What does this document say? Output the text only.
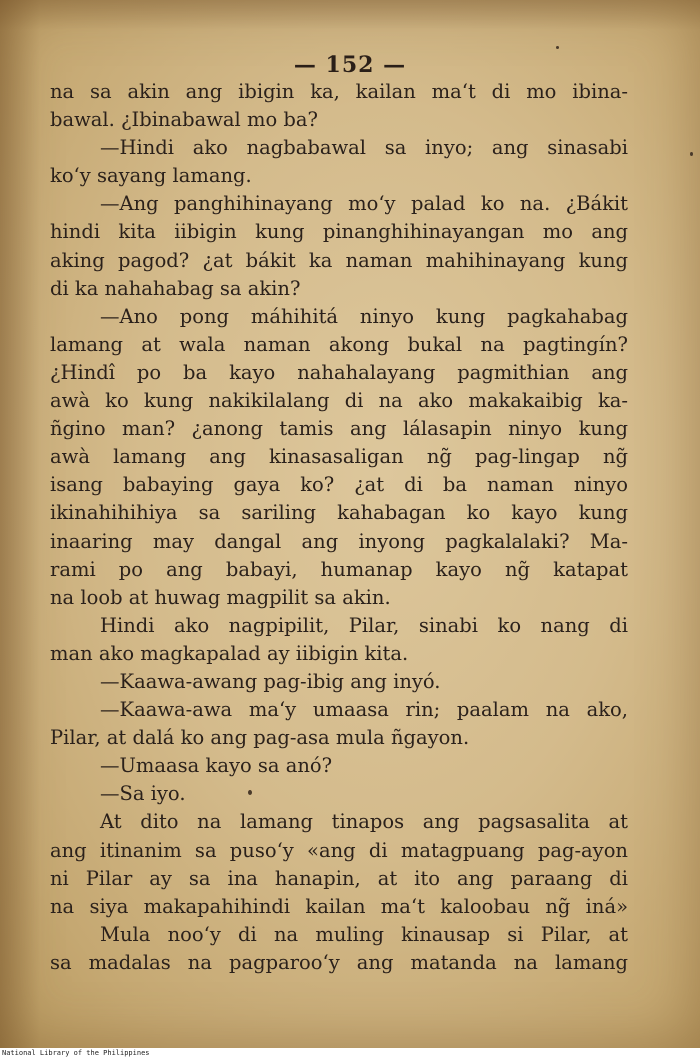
— 152 —
na sa akin ang ibigin ka, kailan ma‘t di mo ibina-
bawal. ¿Ibinabawal mo ba?
—Hindi ako nagbabawal sa inyo; ang sinasabi
ko‘y sayang lamang.
—Ang panghihinayang mo‘y palad ko na. ¿Bákit
hindi kita iibigin kung pinanghihinayangan mo ang
aking pagod? ¿at bákit ka naman mahihinayang kung
di ka nahahabag sa akin?
—Ano pong máhihitá ninyo kung pagkahabag
lamang at wala naman akong bukal na pagtingín?
¿Hindî po ba kayo nahahalayang pagmithian ang
awà ko kung nakikilalang di na ako makakaibig ka-
ñgino man? ¿anong tamis ang lálasapin ninyo kung
awà lamang ang kinasasaligan ng̃ pag-lingap ng̃
isang babaying gaya ko? ¿at di ba naman ninyo
ikinahihihiya sa sariling kahabagan ko kayo kung
inaaring may dangal ang inyong pagkalalaki? Ma-
rami po ang babayi, humanap kayo ng̃ katapat
na loob at huwag magpilit sa akin.
Hindi ako nagpipilit, Pilar, sinabi ko nang di
man ako magkapalad ay iibigin kita.
—Kaawa-awang pag-ibig ang inyó.
—Kaawa-awa ma‘y umaasa rin; paalam na ako,
Pilar, at dalá ko ang pag-asa mula ñgayon.
—Umaasa kayo sa anó?
—Sa iyo.
At dito na lamang tinapos ang pagsasalita at
ang itinanim sa puso‘y «ang di matagpuang pag-ayon
ni Pilar ay sa ina hanapin, at ito ang paraang di
na siya makapahihindi kailan ma‘t kaloobau ng̃ iná»
Mula noo‘y di na muling kinausap si Pilar, at
sa madalas na pagparoo‘y ang matanda na lamang
National Library of the Philippines
